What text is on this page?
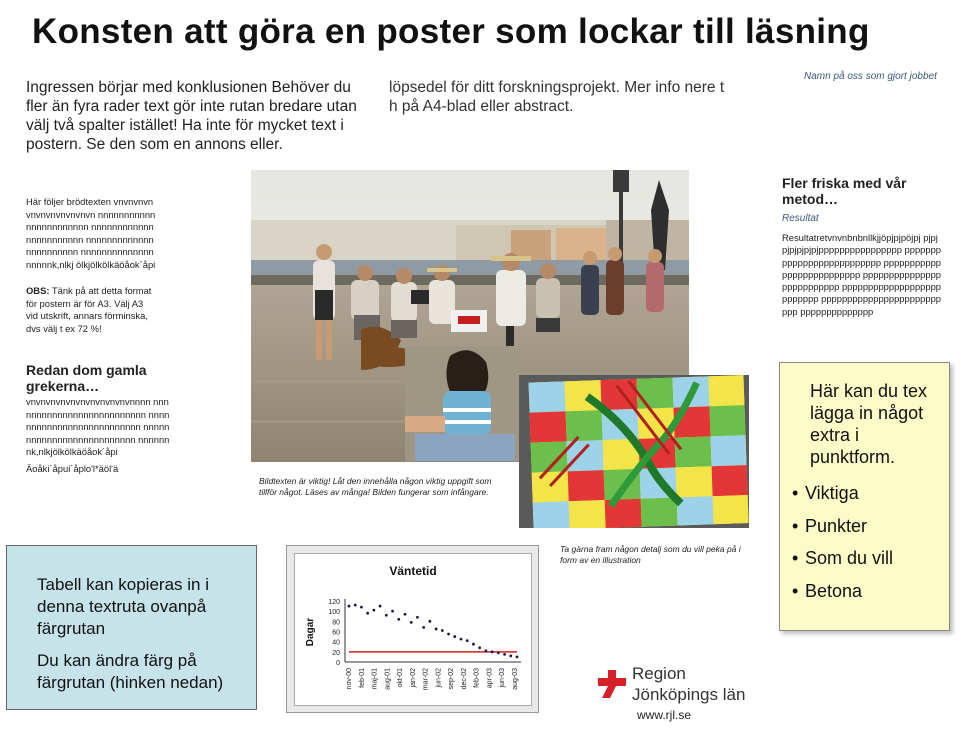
Konsten att göra en poster som lockar till läsning
Ingressen börjar med konklusionen Behöver du fler än fyra rader text gör inte rutan bredare utan välj två spalter istället! Ha inte för mycket text i postern. Se den som en annons eller.
löpsedel för ditt forskningsprojekt. Mer info nere t h på A4-blad eller abstract.
Namn på oss som gjort jobbet
Här följer brödtexten vnvnvnvnvnvnvnvnvnvnvn nnnnnnnnnnnnnnnnnnnnnnn nnnnnnnnnnnnnnnnnnnnnnn nnnnnnnnnnnnnnnnnnnnnnn nnnnnnnnnnnnnnnnnnnk,nlkj ölkjölkölkäöåok´åpi
OBS: Tänk på att detta format för postern är för A3. Välj A3 vid utskrift, annars förminska, dvs välj t ex 72 %!
Redan dom gamla grekerna…
vnvnvnvnvnvnvnvnvnvnvnnnn nnnnnnnnnnnnnnnnnnnnnnnnnn nnnnnnnnnnnnnnnnnnnnnnnnnn nnnnnnnnnnnnnnnnnnnnnnnnnn nnnnnnnk,nlkjölkölkäöåok´åpi
Äoåki´åpui´åplo'l*äöl'ä
Fler friska med vår metod…
Resultat
Resultatretvnvnbnbnllkjjöpjpjpöjpj pjpjpjpjpjpjpjpppppppppppppppp pppppppppppppppppppppppppp pppppppppppppppppppppppppp pppppppppppppppppppppppppp pppppppppppppppppppppppppp pppppppppppppppppppppppppp pppppppppppppp
Bildtexten är viktig! Låt den innehålla någon viktig uppgift som tillför något. Läses av många! Bilden fungerar som infångare.
Ta gärna fram någon detalj som du vill peka på i form av en illustration
Här kan du tex lägga in något extra i punktform.
• Viktiga
• Punkter
• Som du vill
• Betona
Tabell kan kopieras in i denna textruta ovanpå färgrutan
Du kan ändra färg på färgrutan (hinken nedan)
Väntetid
Dagar
0
20
40
60
80
100
120
nov-00 feb-01 maj-01 aug-01 okt-01 jan-02 mar-02 jun-02 sep-02 dec-02 feb-03 apr-03 jun-03 aug-03	Region
Jönköpings län
www.rjl.se
